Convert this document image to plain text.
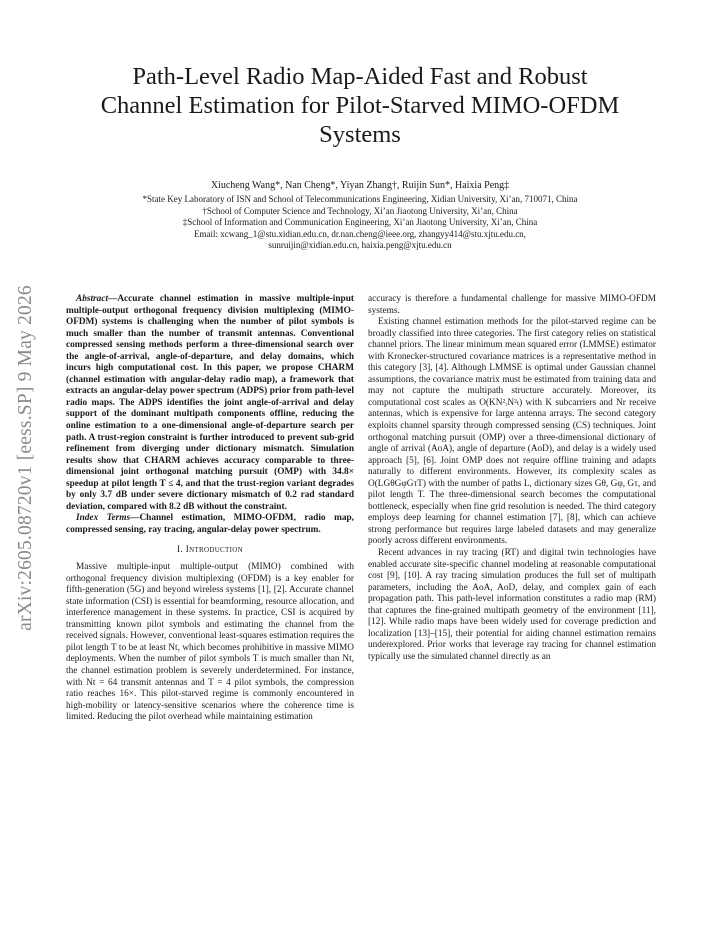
arXiv:2605.08720v1 [eess.SP] 9 May 2026
Path-Level Radio Map-Aided Fast and Robust
Channel Estimation for Pilot-Starved MIMO-OFDM
Systems
Xiucheng Wang*, Nan Cheng*, Yiyan Zhang†, Ruijin Sun*, Haixia Peng‡
*State Key Laboratory of ISN and School of Telecommunications Engineering, Xidian University, Xi’an, 710071, China
†School of Computer Science and Technology, Xi’an Jiaotong University, Xi’an, China
‡School of Information and Communication Engineering, Xi’an Jiaotong University, Xi’an, China
Email: xcwang_1@stu.xidian.edu.cn, dr.nan.cheng@ieee.org, zhangyy414@stu.xjtu.edu.cn,
sunruijin@xidian.edu.cn, haixia.peng@xjtu.edu.cn

Abstract—Accurate channel estimation in massive multiple-input multiple-output orthogonal frequency division multiplexing (MIMO-OFDM) systems is challenging when the number of pilot symbols is much smaller than the number of transmit antennas. Conventional compressed sensing methods perform a three-dimensional search over the angle-of-arrival, angle-of-departure, and delay domains, which incurs high computational cost. In this paper, we propose CHARM (channel estimation with angular-delay radio map), a framework that extracts an angular-delay power spectrum (ADPS) prior from path-level radio maps. The ADPS identifies the joint angle-of-arrival and delay support of the dominant multipath components offline, reducing the online estimation to a one-dimensional angle-of-departure search per path. A trust-region constraint is further introduced to prevent sub-grid refinement from diverging under dictionary mismatch. Simulation results show that CHARM achieves accuracy comparable to three-dimensional joint orthogonal matching pursuit (OMP) with 34.8× speedup at pilot length T ≤ 4, and that the trust-region variant degrades by only 3.7 dB under severe dictionary mismatch of 0.2 rad standard deviation, compared with 8.2 dB without the constraint.

Index Terms—Channel estimation, MIMO-OFDM, radio map, compressed sensing, ray tracing, angular-delay power spectrum.

I. Introduction

Massive multiple-input multiple-output (MIMO) combined with orthogonal frequency division multiplexing (OFDM) is a key enabler for fifth-generation (5G) and beyond wireless systems [1], [2]. Accurate channel state information (CSI) is essential for beamforming, resource allocation, and interference management in these systems. In practice, CSI is acquired by transmitting known pilot symbols and estimating the channel from the received signals. However, conventional least-squares estimation requires the pilot length T to be at least Nt, which becomes prohibitive in massive MIMO deployments. When the number of pilot symbols T is much smaller than Nt, the channel estimation problem is severely underdetermined. For instance, with Nt = 64 transmit antennas and T = 4 pilot symbols, the compression ratio reaches 16×. This pilot-starved regime is commonly encountered in high-mobility or latency-sensitive scenarios where the coherence time is limited. Reducing the pilot overhead while maintaining estimation

accuracy is therefore a fundamental challenge for massive MIMO-OFDM systems.

Existing channel estimation methods for the pilot-starved regime can be broadly classified into three categories. The first category relies on statistical channel priors. The linear minimum mean squared error (LMMSE) estimator with Kronecker-structured covariance matrices is a representative method in this category [3], [4]. Although LMMSE is optimal under Gaussian channel assumptions, the covariance matrix must be estimated from training data and may not capture the multipath structure accurately. Moreover, its computational cost scales as O(KN²ᵣN²ₜ) with K subcarriers and Nr receive antennas, which is expensive for large antenna arrays. The second category exploits channel sparsity through compressed sensing (CS) techniques. Joint orthogonal matching pursuit (OMP) over a three-dimensional dictionary of angle of arrival (AoA), angle of departure (AoD), and delay is a widely used approach [5], [6]. Joint OMP does not require offline training and adapts naturally to different environments. However, its complexity scales as O(LGθGφGτT) with the number of paths L, dictionary sizes Gθ, Gφ, Gτ, and pilot length T. The three-dimensional search becomes the computational bottleneck, especially when fine grid resolution is needed. The third category employs deep learning for channel estimation [7], [8], which can achieve strong performance but requires large labeled datasets and may generalize poorly across different environments.

Recent advances in ray tracing (RT) and digital twin technologies have enabled accurate site-specific channel modeling at reasonable computational cost [9], [10]. A ray tracing simulation produces the full set of multipath parameters, including the AoA, AoD, delay, and complex gain of each propagation path. This path-level information constitutes a radio map (RM) that captures the fine-grained multipath geometry of the environment [11], [12]. While radio maps have been widely used for coverage prediction and localization [13]–[15], their potential for aiding channel estimation remains underexplored. Prior works that leverage ray tracing for channel estimation typically use the simulated channel directly as an
